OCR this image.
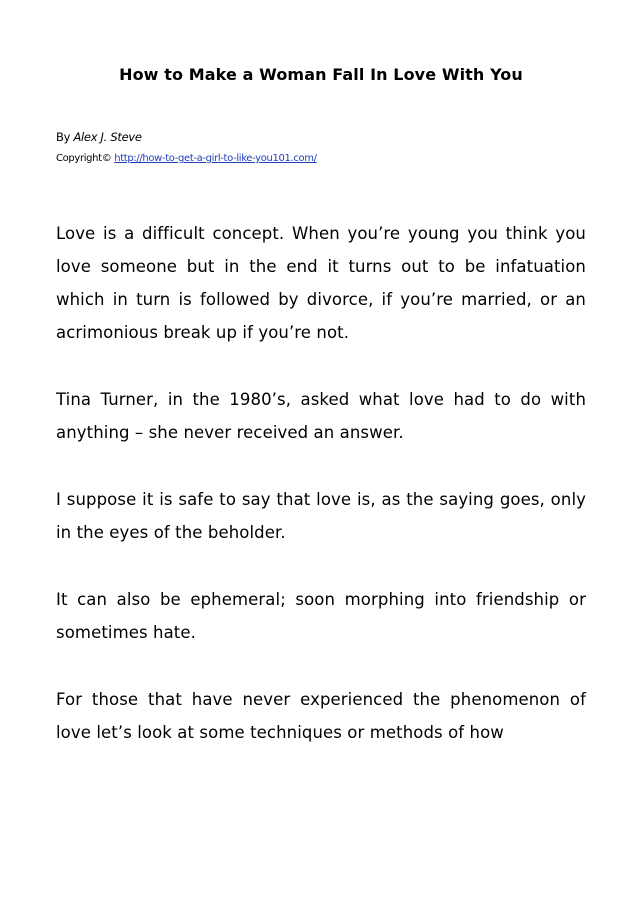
How to Make a Woman Fall In Love With You
By Alex J. Steve
Copyright© http://how-to-get-a-girl-to-like-you101.com/

Love is a difficult concept. When you’re young you think you love someone but in the end it turns out to be infatuation which in turn is followed by divorce, if you’re married, or an acrimonious break up if you’re not.

Tina Turner, in the 1980’s, asked what love had to do with anything – she never received an answer.

I suppose it is safe to say that love is, as the saying goes, only in the eyes of the beholder.

It can also be ephemeral; soon morphing into friendship or sometimes hate.

For those that have never experienced the phenomenon of love let’s look at some techniques or methods of how
